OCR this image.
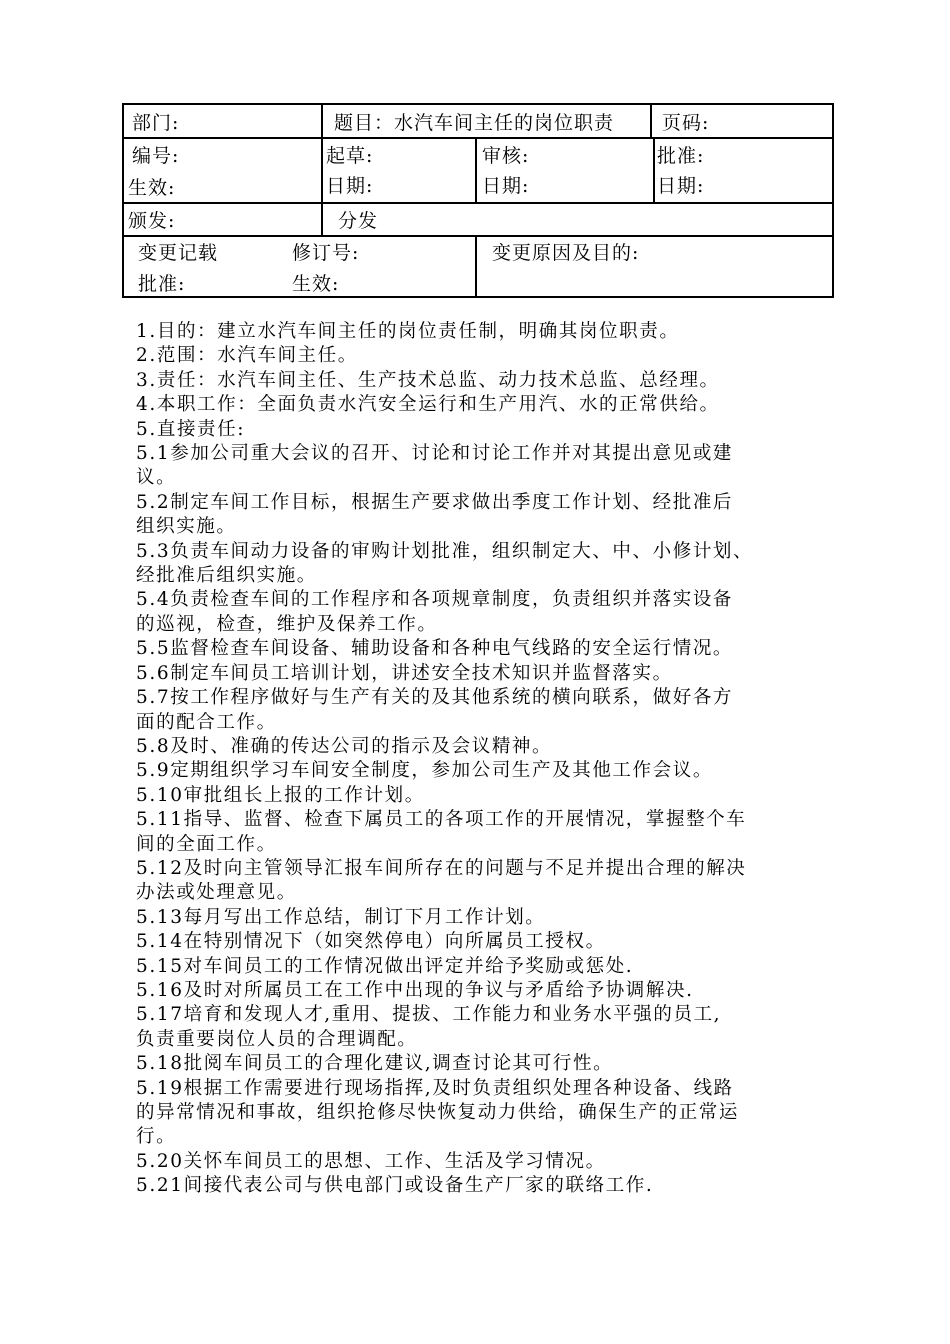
部门:	题目：水汽车间主任的岗位职责	页码:
编号:	起草:	审核:	批准:
生效:	日期:	日期:	日期:
颁发:	分发
变更记载	修订号:	变更原因及目的:
批准:	生效:

1.目的：建立水汽车间主任的岗位责任制，明确其岗位职责。

2.范围：水汽车间主任。

3.责任：水汽车间主任、生产技术总监、动力技术总监、总经理。

4.本职工作：全面负责水汽安全运行和生产用汽、水的正常供给。

5.直接责任:

5.1参加公司重大会议的召开、讨论和讨论工作并对其提出意见或建

议。

5.2制定车间工作目标，根据生产要求做出季度工作计划、经批准后

组织实施。

5.3负责车间动力设备的审购计划批准，组织制定大、中、小修计划、

经批准后组织实施。

5.4负责检查车间的工作程序和各项规章制度，负责组织并落实设备

的巡视，检查，维护及保养工作。

5.5监督检查车间设备、辅助设备和各种电气线路的安全运行情况。

5.6制定车间员工培训计划，讲述安全技术知识并监督落实。

5.7按工作程序做好与生产有关的及其他系统的横向联系，做好各方

面的配合工作。

5.8及时、准确的传达公司的指示及会议精神。

5.9定期组织学习车间安全制度，参加公司生产及其他工作会议。

5.10审批组长上报的工作计划。

5.11指导、监督、检查下属员工的各项工作的开展情况，掌握整个车

间的全面工作。

5.12及时向主管领导汇报车间所存在的问题与不足并提出合理的解决

办法或处理意见。

5.13每月写出工作总结，制订下月工作计划。

5.14在特别情况下（如突然停电）向所属员工授权。

5.15对车间员工的工作情况做出评定并给予奖励或惩处.

5.16及时对所属员工在工作中出现的争议与矛盾给予协调解决.

5.17培育和发现人才,重用、提拔、工作能力和业务水平强的员工,

负责重要岗位人员的合理调配。

5.18批阅车间员工的合理化建议,调查讨论其可行性。

5.19根据工作需要进行现场指挥,及时负责组织处理各种设备、线路

的异常情况和事故，组织抢修尽快恢复动力供给，确保生产的正常运

行。

5.20关怀车间员工的思想、工作、生活及学习情况。

5.21间接代表公司与供电部门或设备生产厂家的联络工作.
